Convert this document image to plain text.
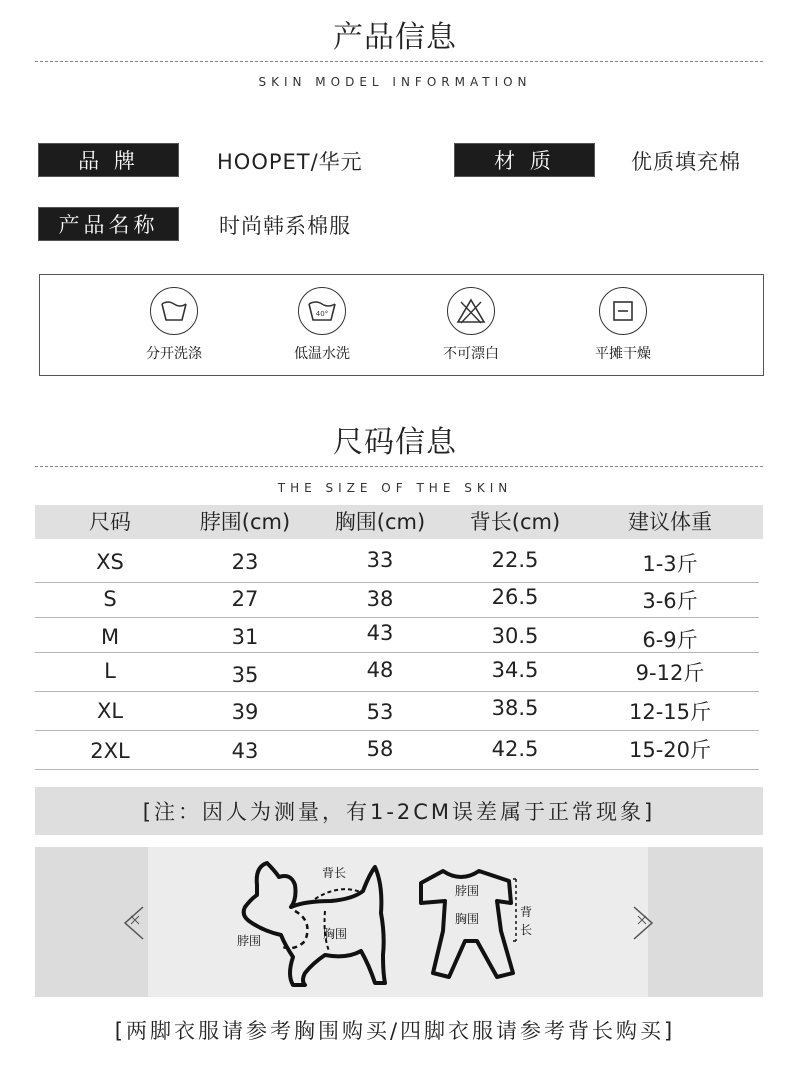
产品信息
SKIN MODEL INFORMATION
品 牌	HOOPET/华元	材 质	优质填充棉
产品名称	时尚韩系棉服
分开洗涤
40°
低温水洗	不可漂白	平摊干燥
尺码信息
THE SIZE OF THE SKIN
尺码	脖围(cm)	胸围(cm)	背长(cm)	建议体重
XS	23	33	22.5	1-3斤
S	27	38	26.5	3-6斤
M	31	43	30.5	6-9斤
L	35	48	34.5	9-12斤
XL	39	53	38.5	12-15斤
2XL	43	58	42.5	15-20斤
[注：因人为测量，有1-2CM误差属于正常现象]
背长
脖围	胸围
脖围
胸围	背
长
[两脚衣服请参考胸围购买/四脚衣服请参考背长购买]
